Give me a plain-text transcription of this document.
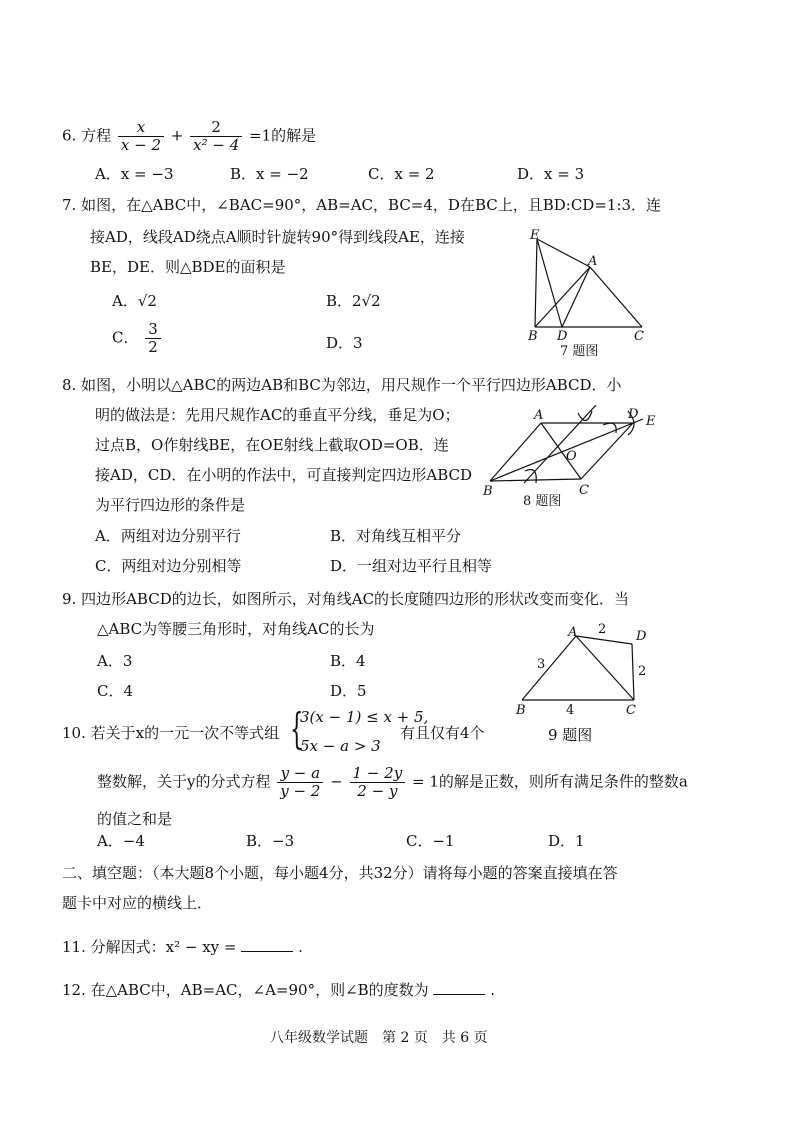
6. 方程 $\frac{x}{x - 2} + \frac{2}{\text{x² − 4}} =1$的解是
A．x = −3	B．x = −2	C．x = 2	D．x = 3
7. 如图，在△ABC中，∠BAC=90°，AB=AC，BC=4，D在BC上，且BD:CD=1:3．连
接AD，线段AD绕点A顺时针旋转90°得到线段AE，连接
BE，DE．则△BDE的面积是
A．√2	B．2√2
C． $\frac{3}{2}$	D．3
E
A
B D	C
7 题图
8. 如图，小明以△ABC的两边AB和BC为邻边，用尺规作一个平行四边形ABCD．小
明的做法是：先用尺规作AC的垂直平分线，垂足为O；
过点B，O作射线BE，在OE射线上截取OD=OB．连
接AD，CD．在小明的作法中，可直接判定四边形ABCD
为平行四边形的条件是
A．两组对边分别平行	B．对角线互相平分
C．两组对边分别相等	D．一组对边平行且相等
A	D E
O
B	C
8 题图
9. 四边形ABCD的边长，如图所示，对角线AC的长度随四边形的形状改变而变化．当
△ABC为等腰三角形时，对角线AC的长为
A．3	B．4
C．4	D．5
A	D
B	C
2
2
3
4
10. 若关于x的一元一次不等式组 {
3(x − 1) ≤ x + 5,
5x − a > 3
有且仅有4个	9 题图
整数解，关于y的分式方程 $\frac{y - a}{y - 2} - \frac{1 - 2y}{2 - y} = 1$的解是正数，则所有满足条件的整数a
的值之和是
A．−4	B．−3	C．−1	D．1
二、填空题：（本大题8个小题，每小题4分，共32分）请将每小题的答案直接填在答
题卡中对应的横线上．
11. 分解因式：x² − xy =	.
12. 在△ABC中，AB=AC，∠A=90°，则∠B的度数为	.
八年级数学试题　第 2 页　共 6 页
